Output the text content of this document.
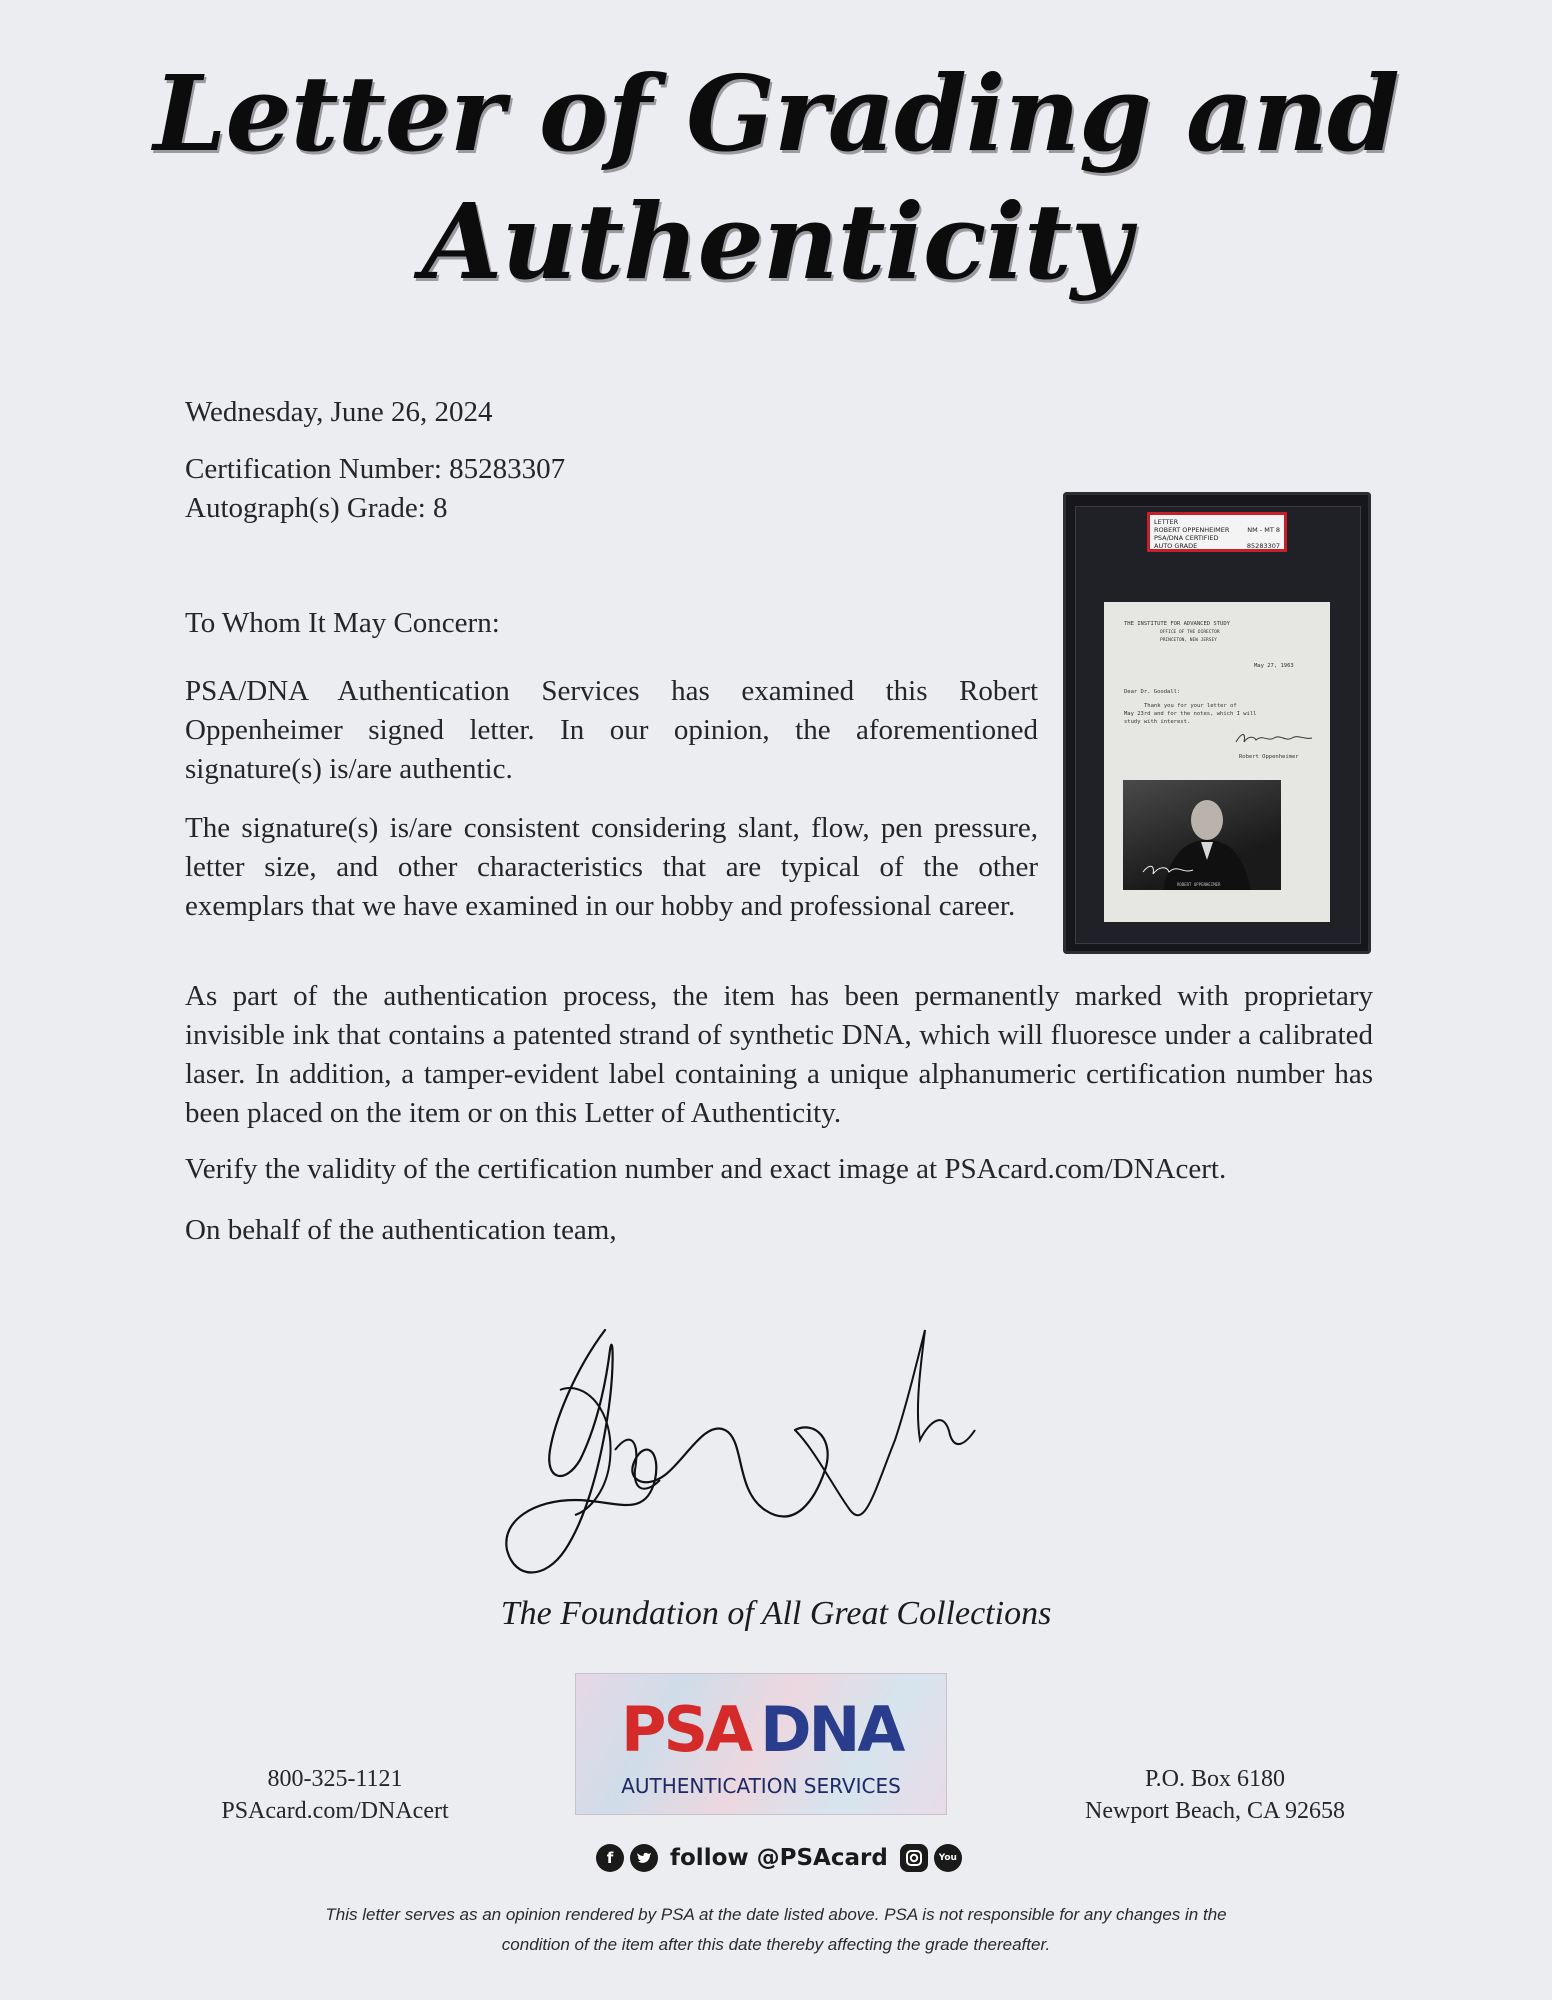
Letter of Grading and
Authenticity
Wednesday, June 26, 2024
Certification Number: 85283307
Autograph(s) Grade: 8
To Whom It May Concern:
PSA/DNA Authentication Services has examined this Robert Oppenheimer signed letter. In our opinion, the aforementioned signature(s) is/are authentic.
The signature(s) is/are consistent considering slant, flow, pen pressure, letter size, and other characteristics that are typical of the other exemplars that we have examined in our hobby and professional career.
As part of the authentication process, the item has been permanently marked with proprietary invisible ink that contains a patented strand of synthetic DNA, which will fluoresce under a calibrated laser. In addition, a tamper-evident label containing a unique alphanumeric certification number has been placed on the item or on this Letter of Authenticity.
Verify the validity of the certification number and exact image at PSAcard.com/DNAcert.
On behalf of the authentication team,
LETTER
ROBERT OPPENHEIMER	NM - MT 8
PSA/DNA CERTIFIED
AUTO GRADE	85283307
THE INSTITUTE FOR ADVANCED STUDY
OFFICE OF THE DIRECTOR
PRINCETON, NEW JERSEY
May 27, 1963
Dear Dr. Goodall:
Thank you for your letter of
May 23rd and for the notes, which I will
study with interest.
Robert Oppenheimer
ROBERT OPPENHEIMER
The Foundation of All Great Collections
800-325-1121
PSAcard.com/DNAcert
P.O. Box 6180
Newport Beach, CA 92658
PSA DNA
AUTHENTICATION SERVICES
f	follow @PSAcard	You
This letter serves as an opinion rendered by PSA at the date listed above. PSA is not responsible for any changes in the
condition of the item after this date thereby affecting the grade thereafter.
